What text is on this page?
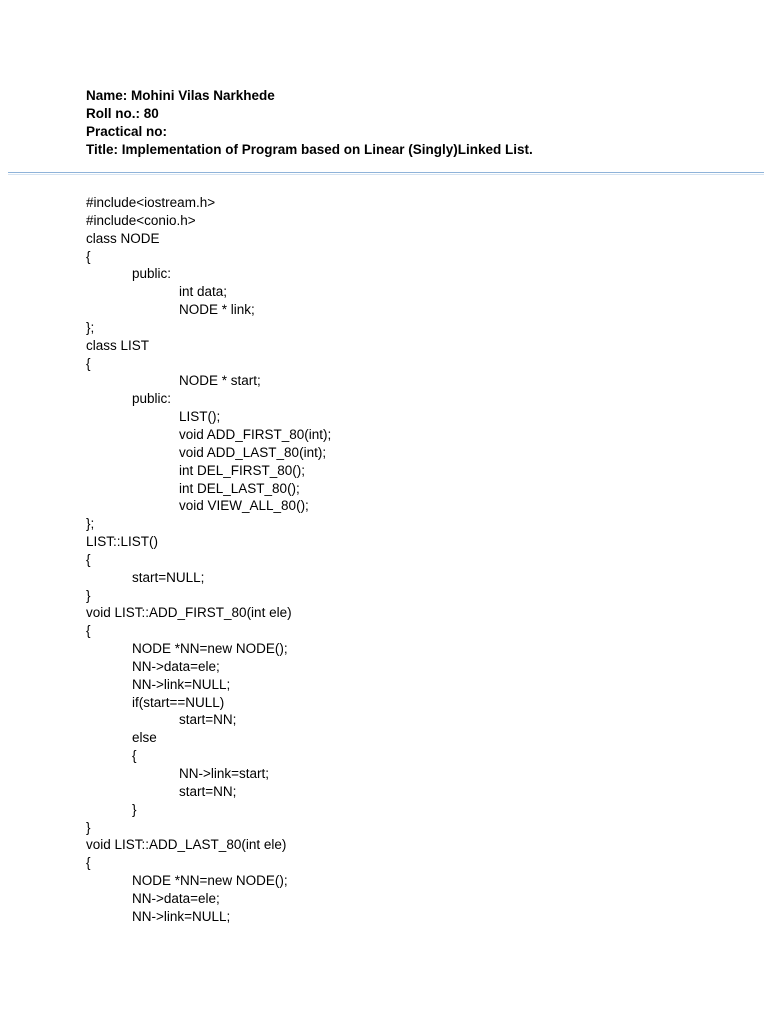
Name: Mohini Vilas Narkhede
Roll no.: 80
Practical no:
Title: Implementation of Program based on Linear (Singly)Linked List.
#include<iostream.h>
#include<conio.h>
class NODE
{
public:
int data;
NODE * link;
};
class LIST
{
NODE * start;
public:
LIST();
void ADD_FIRST_80(int);
void ADD_LAST_80(int);
int DEL_FIRST_80();
int DEL_LAST_80();
void VIEW_ALL_80();
};
LIST::LIST()
{
start=NULL;
}
void LIST::ADD_FIRST_80(int ele)
{
NODE *NN=new NODE();
NN->data=ele;
NN->link=NULL;
if(start==NULL)
start=NN;
else
{
NN->link=start;
start=NN;
}
}
void LIST::ADD_LAST_80(int ele)
{
NODE *NN=new NODE();
NN->data=ele;
NN->link=NULL;
